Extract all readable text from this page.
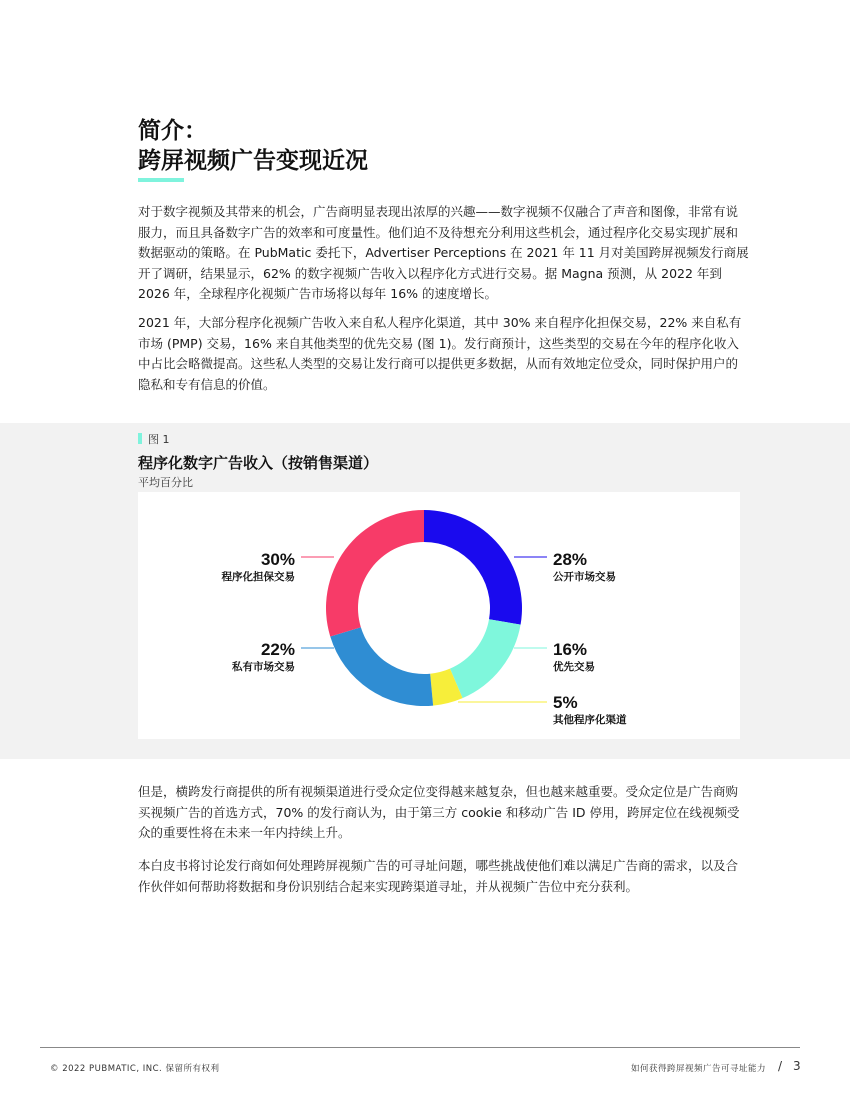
简介：
跨屏视频广告变现近况

对于数字视频及其带来的机会，广告商明显表现出浓厚的兴趣——数字视频不仅融合了声音和图像，非常有说服力，而且具备数字广告的效率和可度量性。他们迫不及待想充分利用这些机会，通过程序化交易实现扩展和数据驱动的策略。在 PubMatic 委托下，Advertiser Perceptions 在 2021 年 11 月对美国跨屏视频发行商展开了调研，结果显示，62% 的数字视频广告收入以程序化方式进行交易。据 Magna 预测，从 2022 年到 2026 年，全球程序化视频广告市场将以每年 16% 的速度增长。

2021 年，大部分程序化视频广告收入来自私人程序化渠道，其中 30% 来自程序化担保交易，22% 来自私有市场 (PMP) 交易，16% 来自其他类型的优先交易 (图 1)。发行商预计，这些类型的交易在今年的程序化收入中占比会略微提高。这些私人类型的交易让发行商可以提供更多数据，从而有效地定位受众，同时保护用户的隐私和专有信息的价值。

图 1
程序化数字广告收入（按销售渠道）
平均百分比
28%
公开市场交易
16%
优先交易
5%
其他程序化渠道
22%
私有市场交易
30%
程序化担保交易

但是，横跨发行商提供的所有视频渠道进行受众定位变得越来越复杂，但也越来越重要。受众定位是广告商购买视频广告的首选方式，70% 的发行商认为，由于第三方 cookie 和移动广告 ID 停用，跨屏定位在线视频受众的重要性将在未来一年内持续上升。

本白皮书将讨论发行商如何处理跨屏视频广告的可寻址问题，哪些挑战使他们难以满足广告商的需求，以及合作伙伴如何帮助将数据和身份识别结合起来实现跨渠道寻址，并从视频广告位中充分获利。

© 2022 PUBMATIC, INC. 保留所有权利	如何获得跨屏视频广告可寻址能力 / 3
